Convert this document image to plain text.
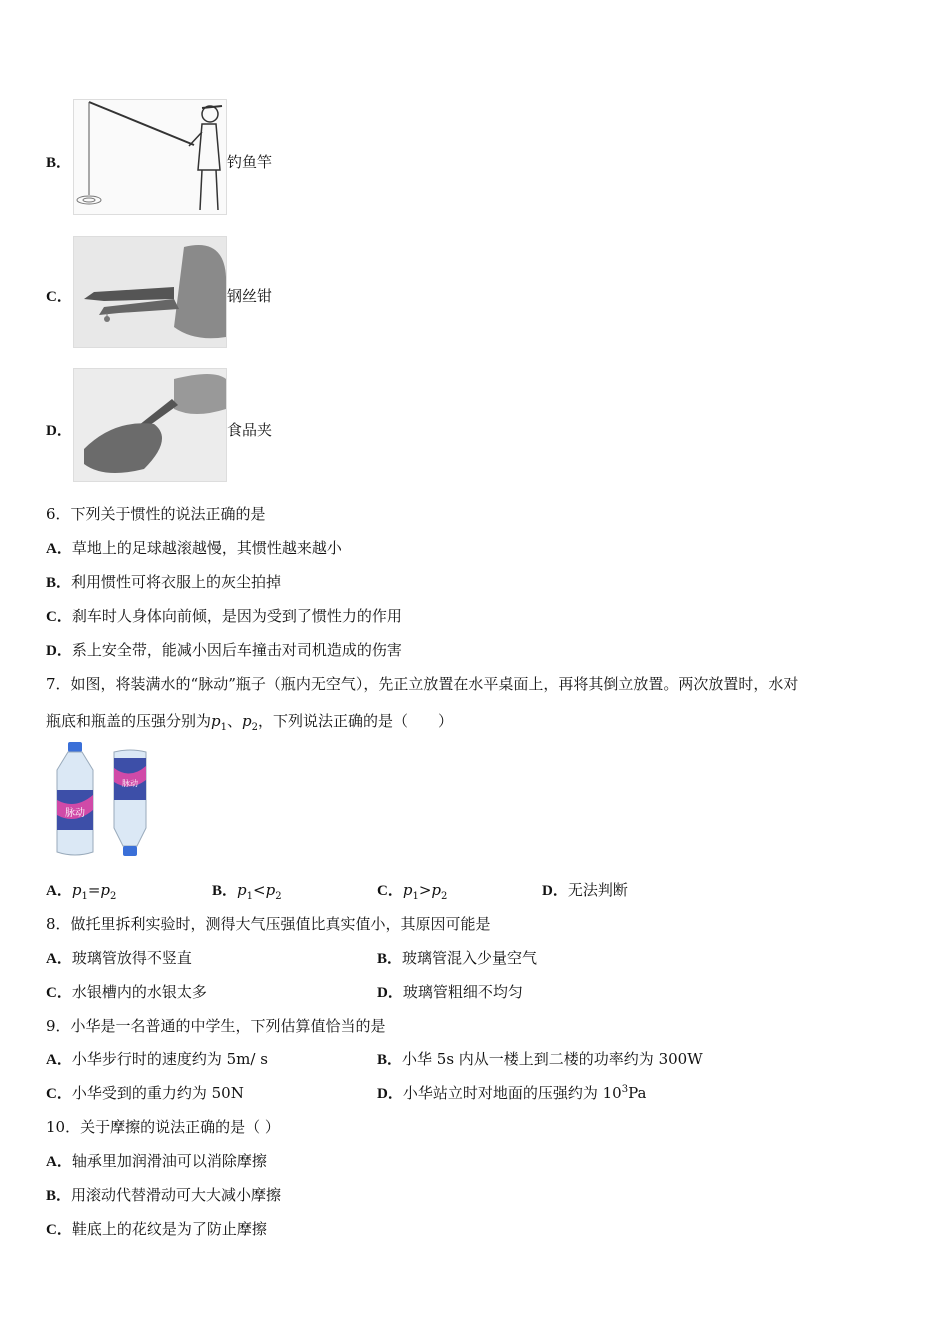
B．	钓鱼竿
C．	钢丝钳
D．	食品夹
6．下列关于惯性的说法正确的是
A．草地上的足球越滚越慢，其惯性越来越小
B．利用惯性可将衣服上的灰尘拍掉
C．刹车时人身体向前倾，是因为受到了惯性力的作用
D．系上安全带，能减小因后车撞击对司机造成的伤害
7．如图，将装满水的“脉动”瓶子（瓶内无空气），先正立放置在水平桌面上，再将其倒立放置。两次放置时，水对
瓶底和瓶盖的压强分别为$p_1$、$p_2$，下列说法正确的是（　　）
脉动
脉动
A．$p_1=p_2$	B．$p_1<p_2$	C．$p_1>p_2$	D．无法判断
8．做托里拆利实验时，测得大气压强值比真实值小，其原因可能是
A．玻璃管放得不竖直	B．玻璃管混入少量空气
C．水银槽内的水银太多	D．玻璃管粗细不均匀
9．小华是一名普通的中学生，下列估算值恰当的是
A．小华步行时的速度约为 5m/ s	B．小华 5s 内从一楼上到二楼的功率约为 300W
C．小华受到的重力约为 50N	D．小华站立时对地面的压强约为 $10^3Pa$
10．关于摩擦的说法正确的是（ ）
A．轴承里加润滑油可以消除摩擦
B．用滚动代替滑动可大大减小摩擦
C．鞋底上的花纹是为了防止摩擦
